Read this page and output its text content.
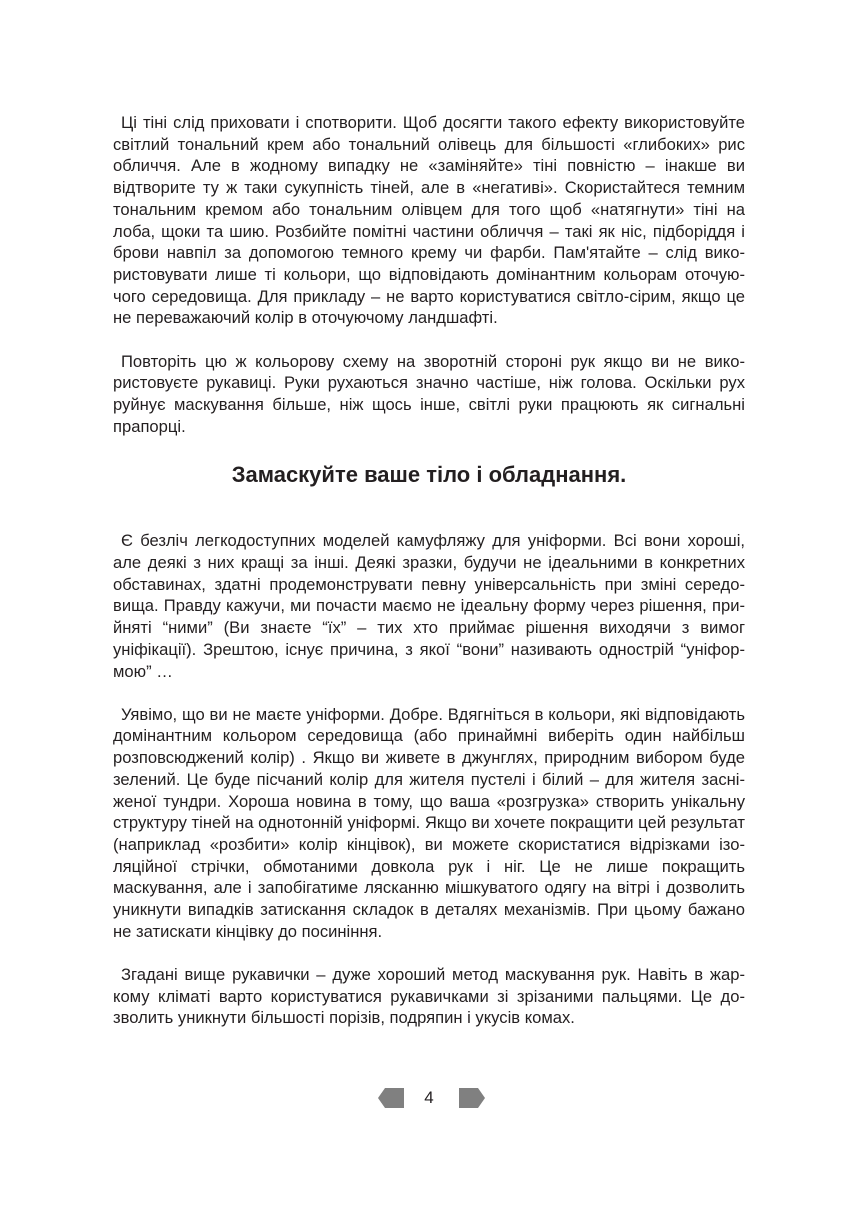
Ці тіні слід приховати і спотворити. Щоб досягти такого ефекту використовуйте світлий тональний крем або тональний олівець для більшості «глибоких» рис обличчя. Але в жодному випадку не «заміняйте» тіні повністю – інакше ви відтворите ту ж таки сукупність тіней, але в «негативі». Скористайтеся темним тональним кремом або тональним олівцем для того щоб «натягнути» тіні на лоба, щоки та шию. Розбийте помітні частини обличчя – такі як ніс, підборіддя і брови навпіл за допомогою темного крему чи фарби. Пам'ятайте – слід використовувати лише ті кольори, що відповідають домінантним кольорам оточуючого середовища. Для прикладу – не варто користуватися світло-сірим, якщо це не переважаючий колір в оточуючому ландшафті.

Повторіть цю ж кольорову схему на зворотній стороні рук якщо ви не використовуєте рукавиці. Руки рухаються значно частіше, ніж голова. Оскільки рух руйнує маскування більше, ніж щось інше, світлі руки працюють як сигнальні прапорці.

Замаскуйте ваше тіло і обладнання.

Є безліч легкодоступних моделей камуфляжу для уніформи. Всі вони хороші, але деякі з них кращі за інші. Деякі зразки, будучи не ідеальними в конкретних обставинах, здатні продемонструвати певну універсальність при зміні середовища. Правду кажучи, ми почасти маємо не ідеальну форму через рішення, прийняті “ними” (Ви знаєте “їх” – тих хто приймає рішення виходячи з вимог уніфікації). Зрештою, існує причина, з якої “вони” називають однострій “уніформою” …

Уявімо, що ви не маєте уніформи. Добре. Вдягніться в кольори, які відповідають домінантним кольором середовища (або принаймні виберіть один найбільш розповсюджений колір) . Якщо ви живете в джунглях, природним вибором буде зелений. Це буде пісчаний колір для жителя пустелі і білий – для жителя засніженої тундри. Хороша новина в тому, що ваша «розгрузка» створить унікальну структуру тіней на однотонній уніформі. Якщо ви хочете покращити цей результат (наприклад «розбити» колір кінцівок), ви можете скористатися відрізками ізоляційної стрічки, обмотаними довкола рук і ніг. Це не лише покращить маскування, але і запобігатиме лясканню мішкуватого одягу на вітрі і дозволить уникнути випадків затискання складок в деталях механізмів. При цьому бажано не затискати кінцівку до посиніння.

Згадані вище рукавички – дуже хороший метод маскування рук. Навіть в жаркому кліматі варто користуватися рукавичками зі зрізаними пальцями. Це дозволить уникнути більшості порізів, подряпин і укусів комах.

4
